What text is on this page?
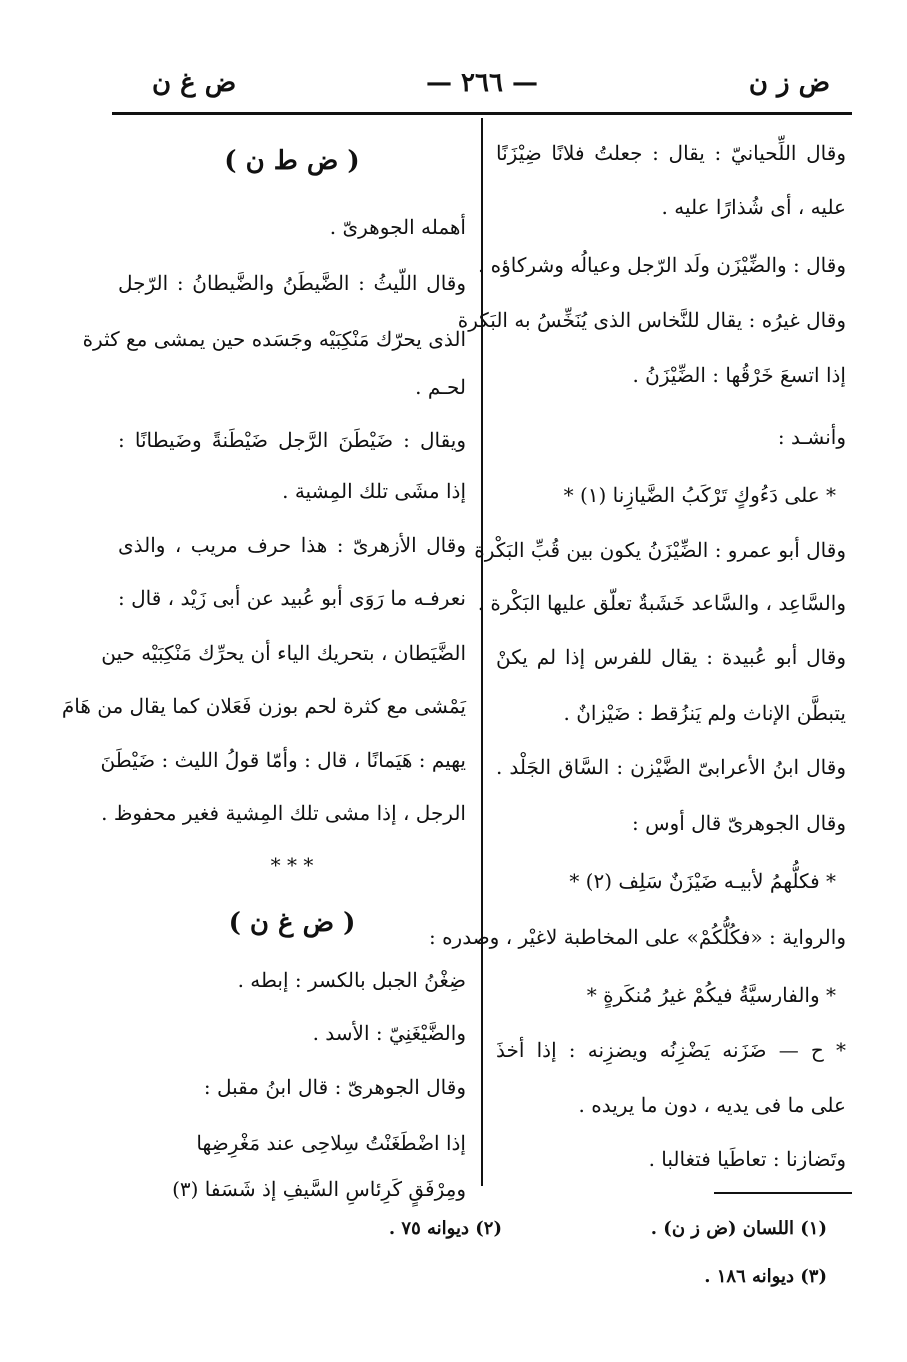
ض ز ن
— ٢٦٦ —
ض غ ن
وقال اللِّحيانيّ : يقال : جعلتُ فلانًا ضِيْزَنًا
عليه ، أى شُذارًا عليه .
وقال : والضِّيْزَن ولَد الرّجل وعيالُه وشركاؤه .
وقال غيرُه : يقال للنَّخاس الذى يُنَخِّسُ به البَكرة
إذا اتسعَ خَرْقُها : الضِّيْزَنُ .
وأنشـد :
* على دَءُوكٍ تَرْكَبُ الضَّيازِنا (١) *
وقال أبو عمرو : الضِّيْزَنُ يكون بين قُبِّ البَكْرة
والسَّاعِد ، والسَّاعد خَشَبةٌ تعلّق عليها البَكْرة .
وقال أبو عُبيدة : يقال للفرس إذا لم يكنْ
يتبطَّن الإناث ولم يَنزُقط : ضَيْزانٌ .
وقال ابنُ الأعرابىّ الضَّيْزن : السَّاق الجَلْد .
وقال الجوهرىّ قال أوس :
* فكلُّهمُ لأبيـه ضَيْزَنٌ سَلِف (٢) *
والرواية : «فكُلُّكُمْ» على المخاطبة لاغيْر ، وصدره :
* والفارسيَّةُ فيكُمْ غيرُ مُنكَرةٍ *
* ح — ضَزَنه يَضْزِنُه ويضزِنه : إذا أخذَ
على ما فى يديه ، دون ما يريده .
وتَضازنا : تعاطَيا فتغالبا .
( ض ط ن )
أهمله الجوهرىّ .
وقال اللّيثُ : الضَّيطَنُ والضَّيطانُ : الرّجل
الذى يحرّك مَنْكِبَيْه وجَسَده حين يمشى مع كثرة
لحـم .
ويقال : ضَيْطَنَ الرَّجل ضَيْطَنةً وضَيطانًا :
إذا مشَى تلك المِشية .
وقال الأزهرىّ : هذا حرف مريب ، والذى
نعرفـه ما رَوَى أبو عُبيد عن أبى زَيْد ، قال :
الضَّيَطان ، بتحريك الياء أن يحرِّك مَنْكِبَيْه حين
يَمْشى مع كثرة لحم بوزن فَعَلان كما يقال من هَامَ
يهيم : هَيَمانًا ، قال : وأمّا قولُ الليث : ضَيْطَنَ
الرجل ، إذا مشى تلك المِشية فغير محفوظ .
* * *
( ض غ ن )
ضِغْنُ الجبل بالكسر : إبطه .
والضَّيْغَنِيّ : الأسد .
وقال الجوهرىّ : قال ابنُ مقبل :
إذا اضْطَغَنْتُ سِلاحِى عند مَغْرِضِها
ومِرْفَقٍ كَرِئاسِ السَّيفِ إذ شَسَفا (٣)
(١) اللسان (ض ز ن) .
(٢) ديوانه ٧٥ .
(٣) ديوانه ١٨٦ .
